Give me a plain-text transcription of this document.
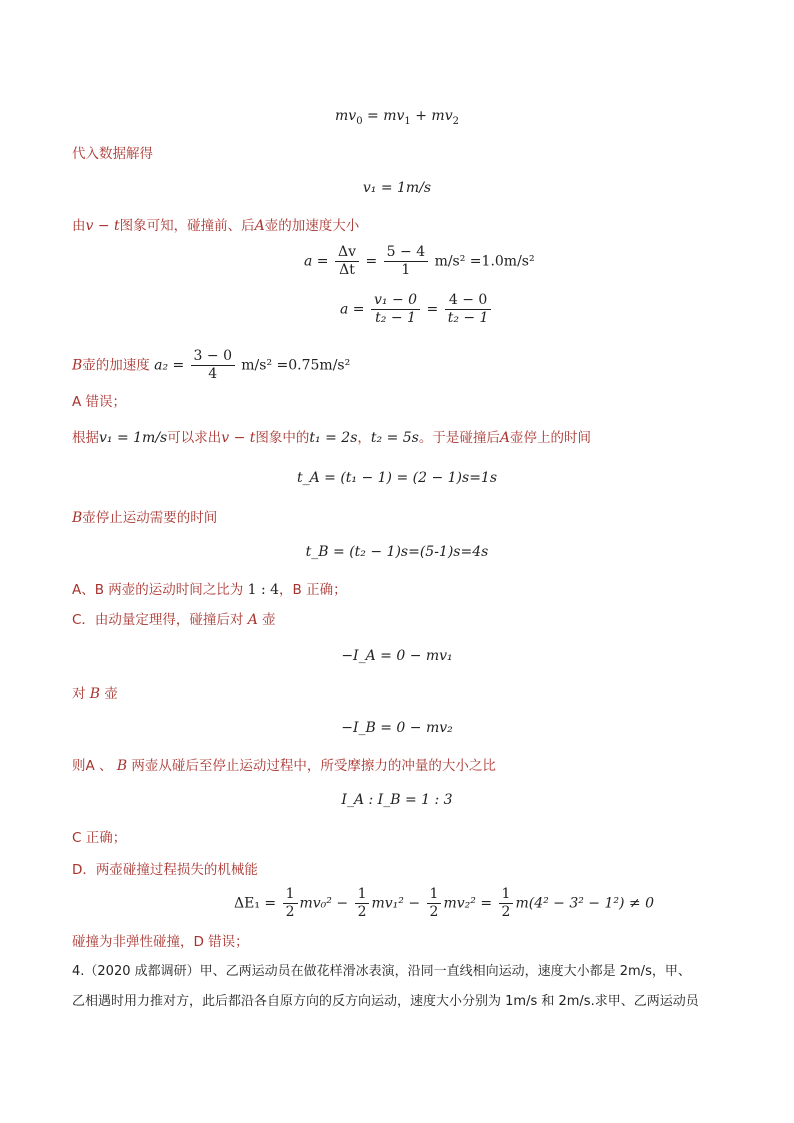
$mv_0 = mv_1 + mv_2$
代入数据解得
v₁ = 1m/s
由v − t图象可知，碰撞前、后A壶的加速度大小
$a = \frac{\Delta v}{\Delta t} = \frac{5 - 4}{1} m/s^2 =1.0m/s^2$
$a = \frac{\text{v₁ − 0}}{\text{t₂ − 1}} = \frac{4 - 0}{\text{t₂ − 1}}$
B壶的加速度 $a_2 = \frac{3 - 0}{4} m/s^2 =0.75m/s^2$
A 错误；
根据v₁ = 1m/s可以求出v − t图象中的t₁ = 2s，t₂ = 5s。于是碰撞后A壶停上的时间
t_A = (t₁ − 1) = (2 − 1)s=1s
B壶停止运动需要的时间
t_B = (t₂ − 1)s=(5-1)s=4s
A、B 两壶的运动时间之比为 1 : 4，B 正确；
C．由动量定理得，碰撞后对 A 壶
−I_A = 0 − mv₁
对 B 壶
−I_B = 0 − mv₂
则A 、 B 两壶从碰后至停止运动过程中，所受摩擦力的冲量的大小之比
I_A : I_B = 1 : 3
C 正确；
D．两壶碰撞过程损失的机械能
$\Delta E_1 = \frac{1}{2} mv_0^2 - \frac{1}{2} mv_1^2 - \frac{1}{2} mv_2^2 = \frac{1}{2} m(4^2 - 3^2 - 1^2) \ne 0$
碰撞为非弹性碰撞，D 错误；
4.（2020 成都调研）甲、乙两运动员在做花样滑冰表演，沿同一直线相向运动，速度大小都是 2m/s，甲、
乙相遇时用力推对方，此后都沿各自原方向的反方向运动，速度大小分别为 1m/s 和 2m/s.求甲、乙两运动员
